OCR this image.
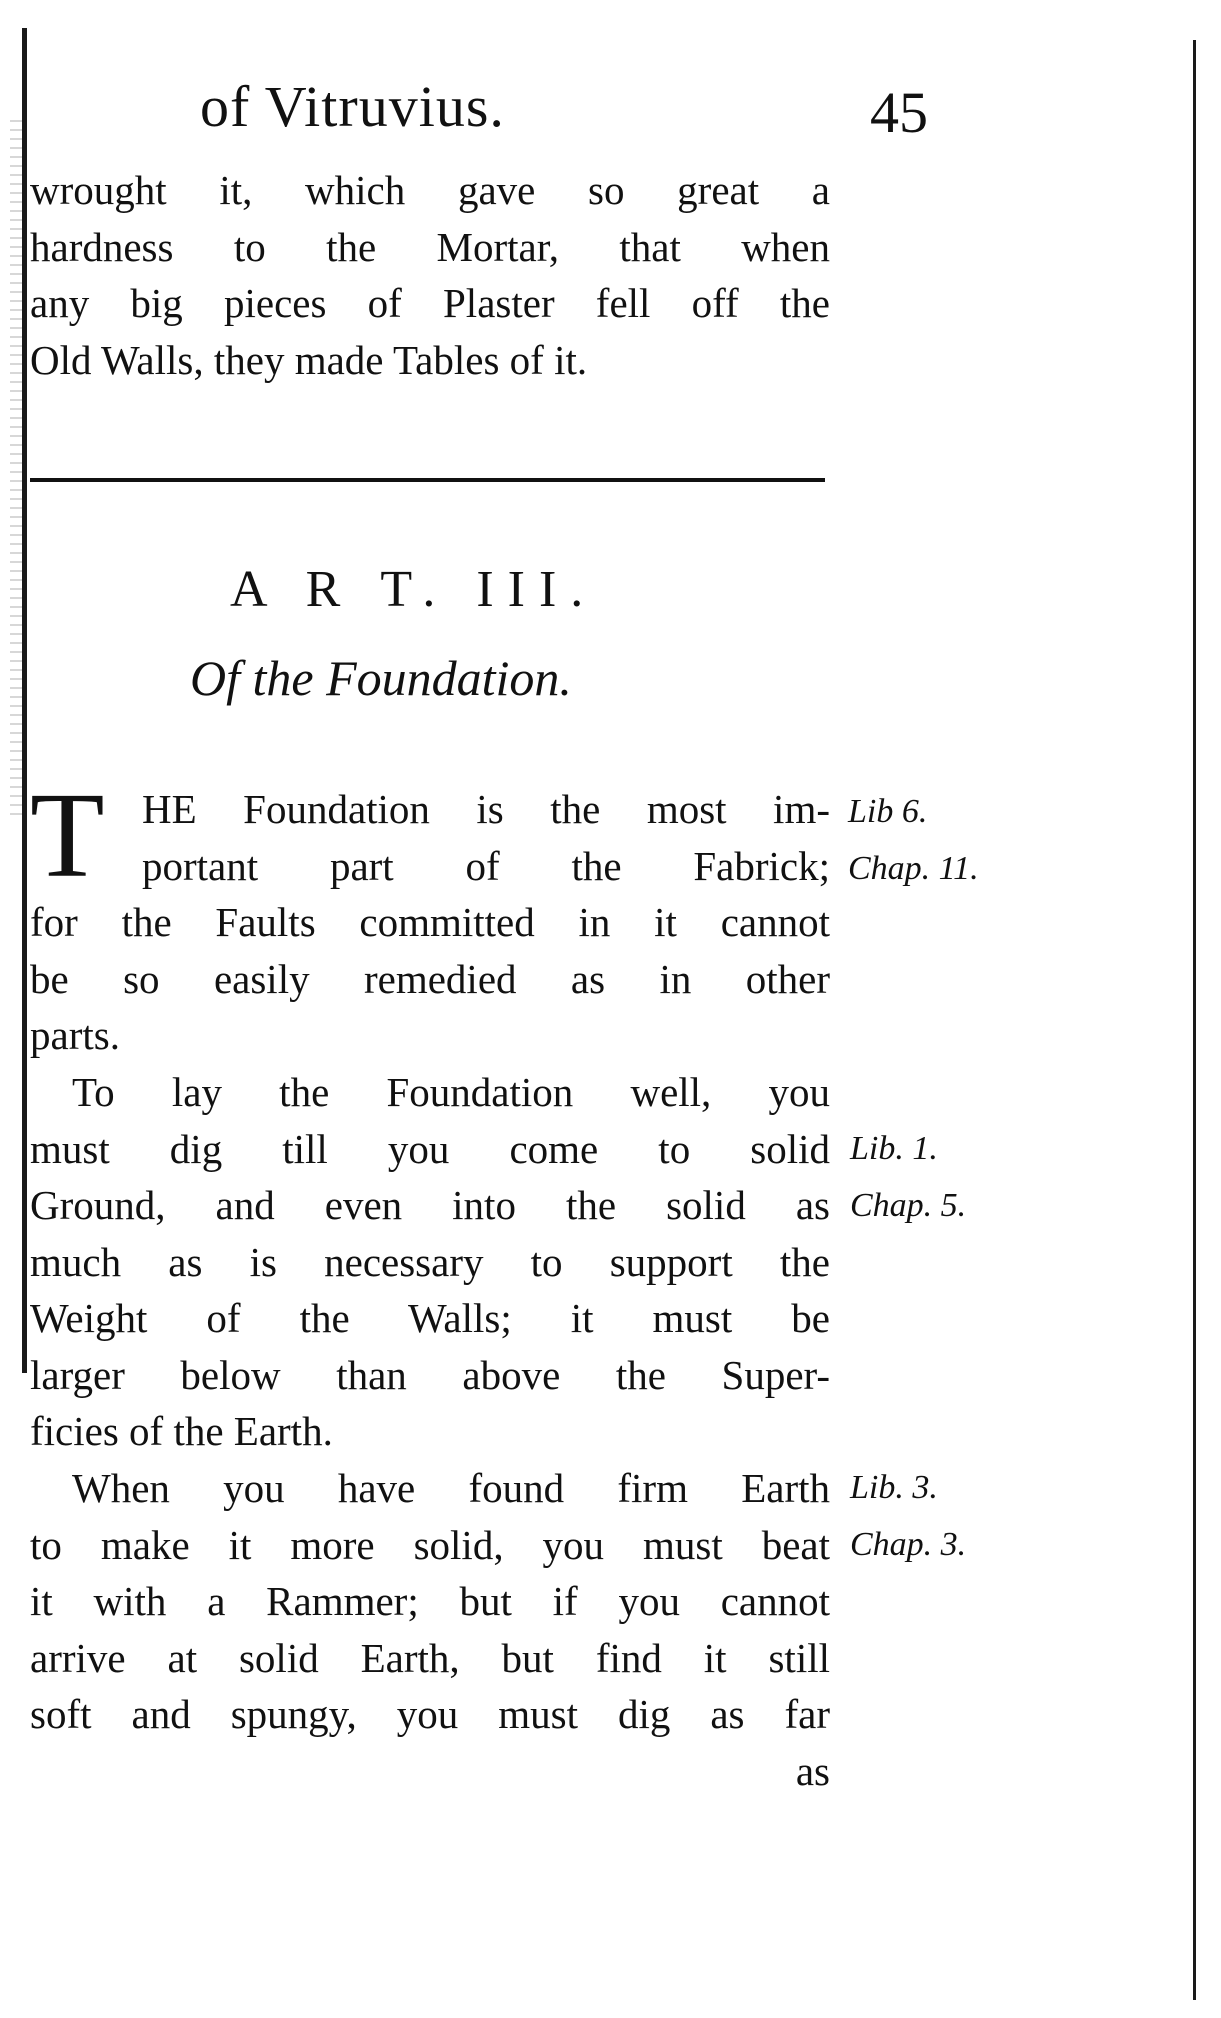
of Vitruvius.	45
wrought it, which gave so great a
hardness to the Mortar, that when
any big pieces of Plaster fell off the
Old Walls, they made Tables of it.
A R T. III.
Of the Foundation.
T HE Foundation is the most im-
portant part of the Fabrick;
for the Faults committed in it cannot
be so easily remedied as in other
parts.
To lay the Foundation well, you
must dig till you come to solid
Ground, and even into the solid as
much as is necessary to support the
Weight of the Walls; it must be
larger below than above the Super-
ficies of the Earth.
When you have found firm Earth
to make it more solid, you must beat
it with a Rammer; but if you cannot
arrive at solid Earth, but find it still
soft and spungy, you must dig as far
as
Lib 6.
Chap. 11.
Lib. 1.
Chap. 5.
Lib. 3.
Chap. 3.
